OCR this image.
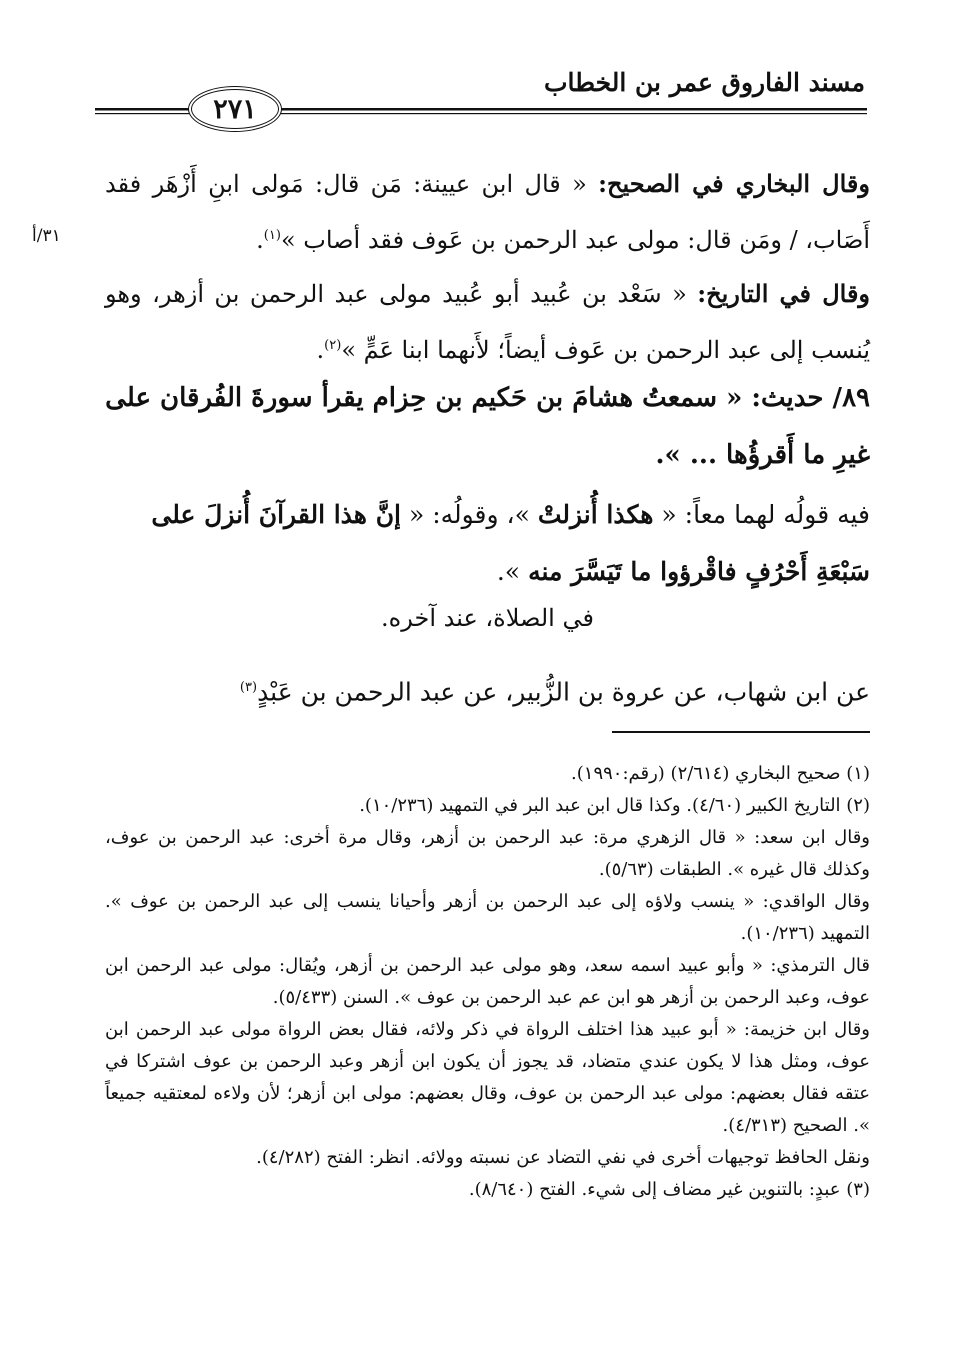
مسند الفاروق عمر بن الخطاب
٢٧١
٣١/أ
وقال البخاري في الصحيح: « قال ابن عيينة: مَن قال: مَولى ابنِ أَزْهَر فقد أَصَاب، / ومَن قال: مولى عبد الرحمن بن عَوف فقد أصاب »$^{(١)}$.
وقال في التاريخ: « سَعْد بن عُبيد أبو عُبيد مولى عبد الرحمن بن أزهر، وهو يُنسب إلى عبد الرحمن بن عَوف أيضاً؛ لأَنهما ابنا عَمٍّ »$^{(٢)}$.
٨٩/ حديث: « سمعتُ هشامَ بن حَكيم بن حِزام يقرأ سورةَ الفُرقان على غيرِ ما أَقرؤُها ... ».
فيه قولُه لهما معاً: « هكذا أُنزلتْ »، وقولُه: « إنَّ هذا القرآنَ أُنزلَ على سَبْعَةِ أَحْرُفٍ فاقْرؤوا ما تَيَسَّرَ منه ».
في الصلاة، عند آخره.
عن ابن شهاب، عن عروة بن الزُّبير، عن عبد الرحمن بن عَبْدٍ$^{(٣)}$

(١) صحيح البخاري (٢/٦١٤) (رقم:١٩٩٠).

(٢) التاريخ الكبير (٤/٦٠). وكذا قال ابن عبد البر في التمهيد (١٠/٢٣٦).

وقال ابن سعد: « قال الزهري مرة: عبد الرحمن بن أزهر، وقال مرة أخرى: عبد الرحمن بن عوف، وكذلك قال غيره ». الطبقات (٥/٦٣).

وقال الواقدي: « ينسب ولاؤه إلى عبد الرحمن بن أزهر وأحيانا ينسب إلى عبد الرحمن بن عوف ». التمهيد (١٠/٢٣٦).

قال الترمذي: « وأبو عبيد اسمه سعد، وهو مولى عبد الرحمن بن أزهر، ويُقال: مولى عبد الرحمن ابن عوف، وعبد الرحمن بن أزهر هو ابن عم عبد الرحمن بن عوف ». السنن (٥/٤٣٣).

وقال ابن خزيمة: « أبو عبيد هذا اختلف الرواة في ذكر ولائه، فقال بعض الرواة مولى عبد الرحمن ابن عوف، ومثل هذا لا يكون عندي متضاد، قد يجوز أن يكون ابن أزهر وعبد الرحمن بن عوف اشتركا في عتقه فقال بعضهم: مولى عبد الرحمن بن عوف، وقال بعضهم: مولى ابن أزهر؛ لأن ولاءه لمعتقيه جميعاً ». الصحيح (٤/٣١٣).

ونقل الحافظ توجيهات أخرى في نفي التضاد عن نسبته وولائه. انظر: الفتح (٤/٢٨٢).

(٣) عبدٍ: بالتنوين غير مضاف إلى شيء. الفتح (٨/٦٤٠).
